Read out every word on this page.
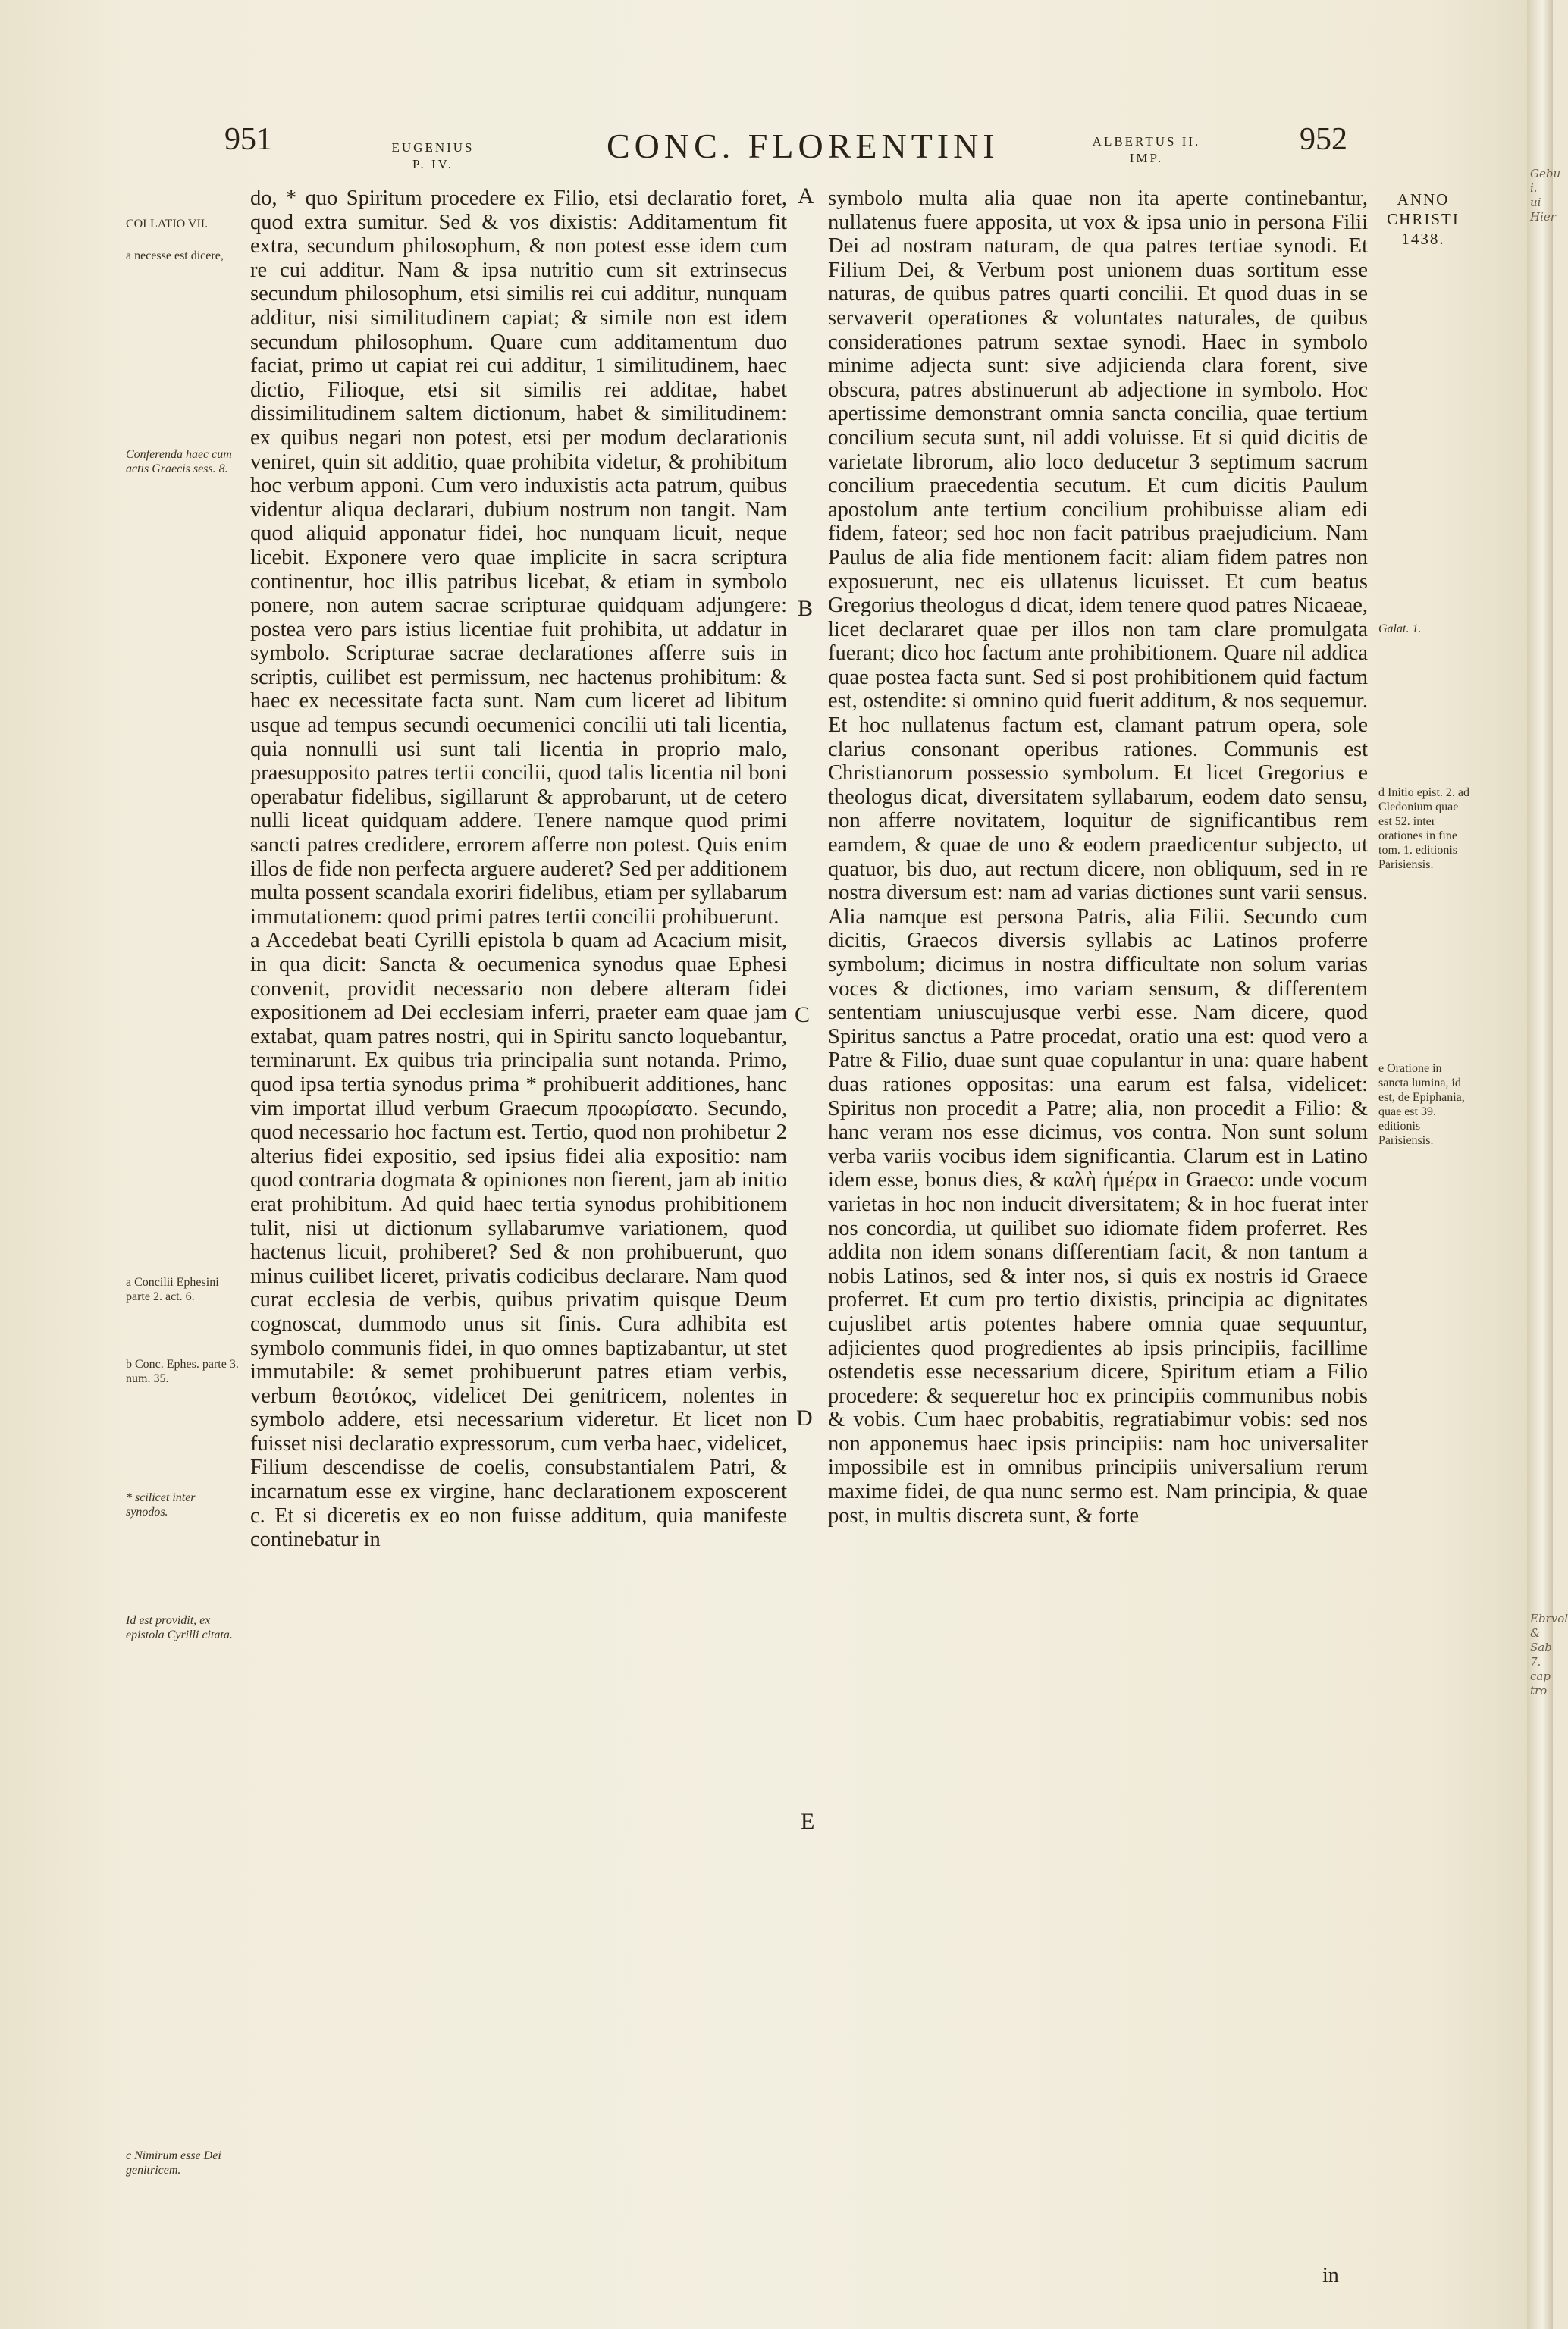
951	EUGENIUS
P. IV.	CONC. FLORENTINI	ALBERTUS II.
IMP.
952
ANNO
CHRISTI
1438.
COLLATIO VII.
a necesse est dicere,
Conferenda haec cum actis Graecis sess. 8.
a Concilii Ephesini parte 2. act. 6.
b Conc. Ephes. parte 3. num. 35.
* scilicet inter synodos.
Id est providit, ex epistola Cyrilli citata.
c Nimirum esse Dei genitricem.

do, * quo Spiritum procedere ex Filio, etsi declaratio foret, quod extra sumitur. Sed & vos dixistis: Additamentum fit extra, secundum philosophum, & non potest esse idem cum re cui additur. Nam & ipsa nutritio cum sit extrinsecus secundum philosophum, etsi similis rei cui additur, nunquam additur, nisi similitudinem capiat; & simile non est idem secundum philosophum. Quare cum additamentum duo faciat, primo ut capiat rei cui additur, 1 similitudinem, haec dictio, Filioque, etsi sit similis rei additae, habet dissimilitudinem saltem dictionum, habet & similitudinem: ex quibus negari non potest, etsi per modum declarationis veniret, quin sit additio, quae prohibita videtur, & prohibitum hoc verbum apponi. Cum vero induxistis acta patrum, quibus videntur aliqua declarari, dubium nostrum non tangit. Nam quod aliquid apponatur fidei, hoc nunquam licuit, neque licebit. Exponere vero quae implicite in sacra scriptura continentur, hoc illis patribus licebat, & etiam in symbolo ponere, non autem sacrae scripturae quidquam adjungere: postea vero pars istius licentiae fuit prohibita, ut addatur in symbolo. Scripturae sacrae declarationes afferre suis in scriptis, cuilibet est permissum, nec hactenus prohibitum: & haec ex necessitate facta sunt. Nam cum liceret ad libitum usque ad tempus secundi oecumenici concilii uti tali licentia, quia nonnulli usi sunt tali licentia in proprio malo, praesupposito patres tertii concilii, quod talis licentia nil boni operabatur fidelibus, sigillarunt & approbarunt, ut de cetero nulli liceat quidquam addere. Tenere namque quod primi sancti patres credidere, errorem afferre non potest. Quis enim illos de fide non perfecta arguere auderet? Sed per additionem multa possent scandala exoriri fidelibus, etiam per syllabarum immutationem: quod primi patres tertii concilii prohibuerunt.

a Accedebat beati Cyrilli epistola b quam ad Acacium misit, in qua dicit: Sancta & oecumenica synodus quae Ephesi convenit, providit necessario non debere alteram fidei expositionem ad Dei ecclesiam inferri, praeter eam quae jam extabat, quam patres nostri, qui in Spiritu sancto loquebantur, terminarunt. Ex quibus tria principalia sunt notanda. Primo, quod ipsa tertia synodus prima * prohibuerit additiones, hanc vim importat illud verbum Graecum προωρίσατο. Secundo, quod necessario hoc factum est. Tertio, quod non prohibetur 2 alterius fidei expositio, sed ipsius fidei alia expositio: nam quod contraria dogmata & opiniones non fierent, jam ab initio erat prohibitum. Ad quid haec tertia synodus prohibitionem tulit, nisi ut dictionum syllabarumve variationem, quod hactenus licuit, prohiberet? Sed & non prohibuerunt, quo minus cuilibet liceret, privatis codicibus declarare. Nam quod curat ecclesia de verbis, quibus privatim quisque Deum cognoscat, dummodo unus sit finis. Cura adhibita est symbolo communis fidei, in quo omnes baptizabantur, ut stet immutabile: & semet prohibuerunt patres etiam verbis, verbum θεοτόκος, videlicet Dei genitricem, nolentes in symbolo addere, etsi necessarium videretur. Et licet non fuisset nisi declaratio expressorum, cum verba haec, videlicet, Filium descendisse de coelis, consubstantialem Patri, & incarnatum esse ex virgine, hanc declarationem exposcerent c. Et si diceretis ex eo non fuisse additum, quia manifeste continebatur in

A
B
C
D
E

symbolo multa alia quae non ita aperte continebantur, nullatenus fuere apposita, ut vox & ipsa unio in persona Filii Dei ad nostram naturam, de qua patres tertiae synodi. Et Filium Dei, & Verbum post unionem duas sortitum esse naturas, de quibus patres quarti concilii. Et quod duas in se servaverit operationes & voluntates naturales, de quibus considerationes patrum sextae synodi. Haec in symbolo minime adjecta sunt: sive adjicienda clara forent, sive obscura, patres abstinuerunt ab adjectione in symbolo. Hoc apertissime demonstrant omnia sancta concilia, quae tertium concilium secuta sunt, nil addi voluisse. Et si quid dicitis de varietate librorum, alio loco deducetur 3 septimum sacrum concilium praecedentia secutum. Et cum dicitis Paulum apostolum ante tertium concilium prohibuisse aliam edi fidem, fateor; sed hoc non facit patribus praejudicium. Nam Paulus de alia fide mentionem facit: aliam fidem patres non exposuerunt, nec eis ullatenus licuisset. Et cum beatus Gregorius theologus d dicat, idem tenere quod patres Nicaeae, licet declararet quae per illos non tam clare promulgata fuerant; dico hoc factum ante prohibitionem. Quare nil addica quae postea facta sunt. Sed si post prohibitionem quid factum est, ostendite: si omnino quid fuerit additum, & nos sequemur. Et hoc nullatenus factum est, clamant patrum opera, sole clarius consonant operibus rationes. Communis est Christianorum possessio symbolum. Et licet Gregorius e theologus dicat, diversitatem syllabarum, eodem dato sensu, non afferre novitatem, loquitur de significantibus rem eamdem, & quae de uno & eodem praedicentur subjecto, ut quatuor, bis duo, aut rectum dicere, non obliquum, sed in re nostra diversum est: nam ad varias dictiones sunt varii sensus. Alia namque est persona Patris, alia Filii. Secundo cum dicitis, Graecos diversis syllabis ac Latinos proferre symbolum; dicimus in nostra difficultate non solum varias voces & dictiones, imo variam sensum, & differentem sententiam uniuscujusque verbi esse. Nam dicere, quod Spiritus sanctus a Patre procedat, oratio una est: quod vero a Patre & Filio, duae sunt quae copulantur in una: quare habent duas rationes oppositas: una earum est falsa, videlicet: Spiritus non procedit a Patre; alia, non procedit a Filio: & hanc veram nos esse dicimus, vos contra. Non sunt solum verba variis vocibus idem significantia. Clarum est in Latino idem esse, bonus dies, & καλὴ ἡμέρα in Graeco: unde vocum varietas in hoc non inducit diversitatem; & in hoc fuerat inter nos concordia, ut quilibet suo idiomate fidem proferret. Res addita non idem sonans differentiam facit, & non tantum a nobis Latinos, sed & inter nos, si quis ex nostris id Graece proferret. Et cum pro tertio dixistis, principia ac dignitates cujuslibet artis potentes habere omnia quae sequuntur, adjicientes quod progredientes ab ipsis principiis, facillime ostendetis esse necessarium dicere, Spiritum etiam a Filio procedere: & sequeretur hoc ex principiis communibus nobis & vobis. Cum haec probabitis, regratiabimur vobis: sed nos non apponemus haec ipsis principiis: nam hoc universaliter impossibile est in omnibus principiis universalium rerum maxime fidei, de qua nunc sermo est. Nam principia, & quae post, in multis discreta sunt, & forte

in
Galat. 1.
d Initio epist. 2. ad Cledonium quae est 52. inter orationes in fine tom. 1. editionis Parisiensis.
e Oratione in sancta lumina, id est, de Epiphania, quae est 39. editionis Parisiensis.
Gebu
i. ui
Hier
Ebrvol
& Sab
7. cap
tro
